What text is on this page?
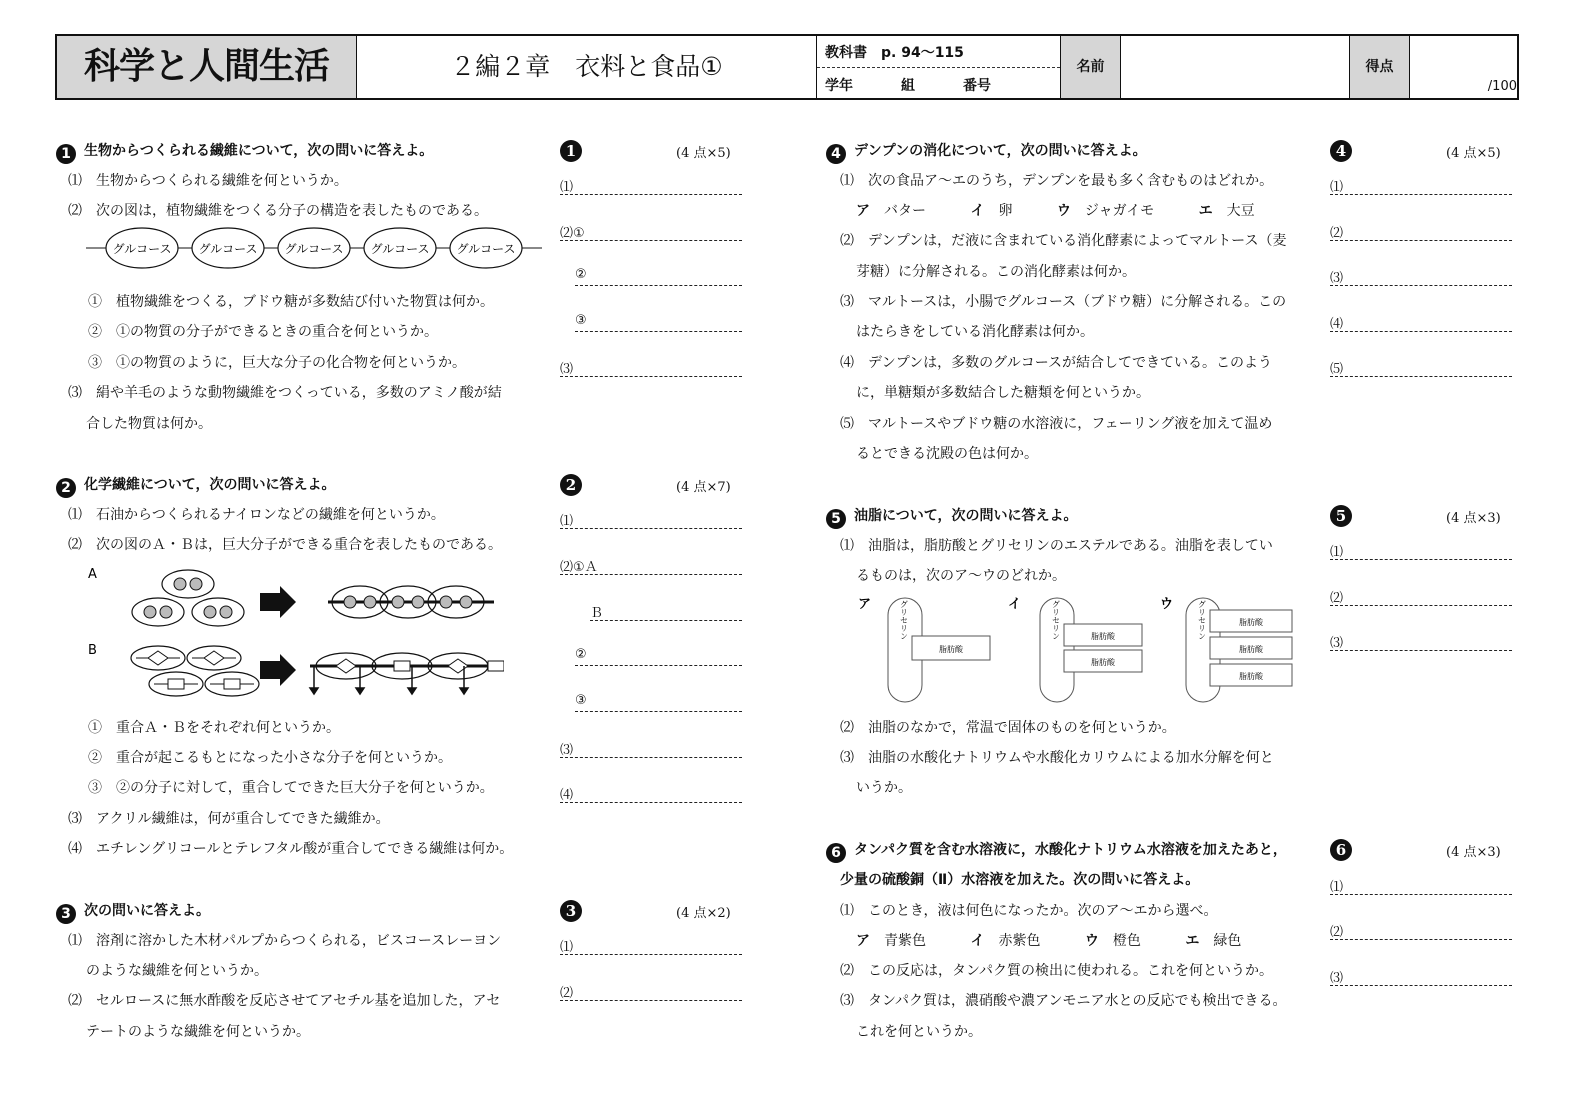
科学と人間生活	２編２章　衣料と食品①	教科書　p. 94〜115
学年	組	番号
名前	得点
/100
1 生物からつくられる繊維について，次の問いに答えよ。
⑴　生物からつくられる繊維を何というか。
⑵　次の図は，植物繊維をつくる分子の構造を表したものである。
グルコース グルコース グルコース グルコース グルコース
①　植物繊維をつくる，ブドウ糖が多数結び付いた物質は何か。
②　①の物質の分子ができるときの重合を何というか。
③　①の物質のように，巨大な分子の化合物を何というか。
⑶　絹や羊毛のような動物繊維をつくっている，多数のアミノ酸が結
合した物質は何か。
1	(4 点×5)
⑴
⑵①
②
③
⑶
2 化学繊維について，次の問いに答えよ。
⑴　石油からつくられるナイロンなどの繊維を何というか。
⑵　次の図のＡ・Ｂは，巨大分子ができる重合を表したものである。
A
B
①　重合Ａ・Ｂをそれぞれ何というか。
②　重合が起こるもとになった小さな分子を何というか。
③　②の分子に対して，重合してできた巨大分子を何というか。
⑶　アクリル繊維は，何が重合してできた繊維か。
⑷　エチレングリコールとテレフタル酸が重合してできる繊維は何か。
2	(4 点×7)
⑴
⑵①Ａ
Ｂ
②
③
⑶
⑷
3 次の問いに答えよ。
⑴　溶剤に溶かした木材パルプからつくられる，ビスコースレーヨン
のような繊維を何というか。
⑵　セルロースに無水酢酸を反応させてアセチル基を追加した，アセ
テートのような繊維を何というか。
3	(4 点×2)
⑴
⑵
4 デンプンの消化について，次の問いに答えよ。
⑴　次の食品ア〜エのうち，デンプンを最も多く含むものはどれか。
ア　 バター	イ　 卵	ウ　 ジャガイモ	エ　 大豆
⑵　デンプンは，だ液に含まれている消化酵素によってマルトース（麦
芽糖）に分解される。この消化酵素は何か。
⑶　マルトースは，小腸でグルコース（ブドウ糖）に分解される。この
はたらきをしている消化酵素は何か。
⑷　デンプンは，多数のグルコースが結合してできている。このよう
に，単糖類が多数結合した糖類を何というか。
⑸　マルトースやブドウ糖の水溶液に，フェーリング液を加えて温め
るとできる沈殿の色は何か。
4	(4 点×5)
⑴
⑵
⑶
⑷
⑸
5 油脂について，次の問いに答えよ。
⑴　油脂は，脂肪酸とグリセリンのエステルである。油脂を表してい
るものは，次のア〜ウのどれか。
ア	イ	ウ
グリセリン
脂肪酸
グリセリン	脂肪酸
脂肪酸
グリセリン	脂肪酸
脂肪酸
脂肪酸
⑵　油脂のなかで，常温で固体のものを何というか。
⑶　油脂の水酸化ナトリウムや水酸化カリウムによる加水分解を何と
いうか。
5	(4 点×3)
⑴
⑵
⑶
6 タンパク質を含む水溶液に，水酸化ナトリウム水溶液を加えたあと，
少量の硫酸銅（Ⅱ）水溶液を加えた。次の問いに答えよ。
⑴　このとき，液は何色になったか。次のア〜エから選べ。
ア　 青紫色	イ　 赤紫色	ウ　 橙色	エ　 緑色
⑵　この反応は，タンパク質の検出に使われる。これを何というか。
⑶　タンパク質は，濃硝酸や濃アンモニア水との反応でも検出できる。
これを何というか。
6	(4 点×3)
⑴
⑵
⑶
